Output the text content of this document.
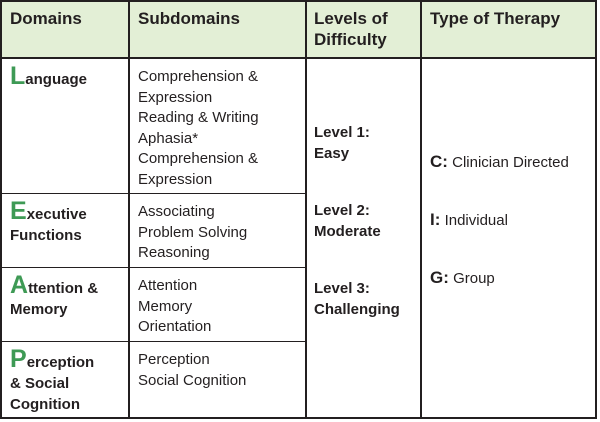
Domains	Subdomains	Levels of
Difficulty
Type of Therapy
Language
Executive
Functions
Attention &
Memory
Perception
& Social
Cognition
Comprehension &
Expression
Reading & Writing
Aphasia*
Comprehension &
Expression
Associating
Problem Solving
Reasoning
Attention
Memory
Orientation
Perception
Social Cognition
Level 1:
Easy
Level 2:
Moderate
Level 3:
Challenging
C: Clinician Directed
I: Individual
G: Group
